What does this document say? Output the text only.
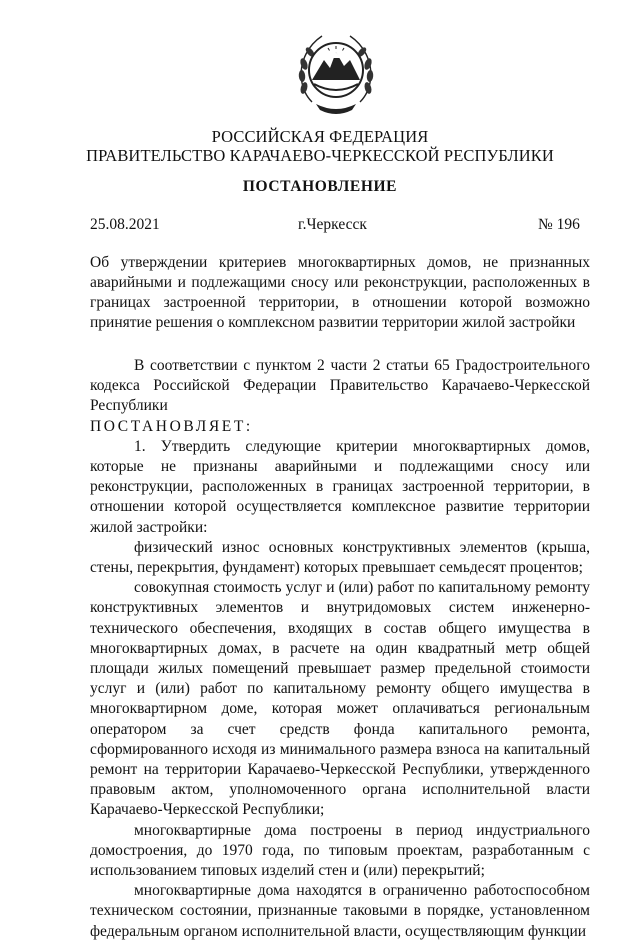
РОССИЙСКАЯ ФЕДЕРАЦИЯ
ПРАВИТЕЛЬСТВО КАРАЧАЕВО-ЧЕРКЕССКОЙ РЕСПУБЛИКИ
ПОСТАНОВЛЕНИЕ
25.08.2021	г.Черкесск	№ 196
Об утверждении критериев многоквартирных домов, не признанных аварийными и подлежащими сносу или реконструкции, расположенных в границах застроенной территории, в отношении которой возможно принятие решения о комплексном развитии территории жилой застройки

В соответствии с пунктом 2 части 2 статьи 65 Градостроительного кодекса Российской Федерации Правительство Карачаево-Черкесской Республики

ПОСТАНОВЛЯЕТ:

1. Утвердить следующие критерии многоквартирных домов, которые не признаны аварийными и подлежащими сносу или реконструкции, расположенных в границах застроенной территории, в отношении которой осуществляется комплексное развитие территории жилой застройки:

физический износ основных конструктивных элементов (крыша, стены, перекрытия, фундамент) которых превышает семьдесят процентов;

совокупная стоимость услуг и (или) работ по капитальному ремонту конструктивных элементов и внутридомовых систем инженерно-технического обеспечения, входящих в состав общего имущества в многоквартирных домах, в расчете на один квадратный метр общей площади жилых помещений превышает размер предельной стоимости услуг и (или) работ по капитальному ремонту общего имущества в многоквартирном доме, которая может оплачиваться региональным оператором за счет средств фонда капитального ремонта, сформированного исходя из минимального размера взноса на капитальный ремонт на территории Карачаево-Черкесской Республики, утвержденного правовым актом, уполномоченного органа исполнительной власти Карачаево-Черкесской Республики;

многоквартирные дома построены в период индустриального домостроения, до 1970 года, по типовым проектам, разработанным с использованием типовых изделий стен и (или) перекрытий;

многоквартирные дома находятся в ограниченно работоспособном техническом состоянии, признанные таковыми в порядке, установленном федеральным органом исполнительной власти, осуществляющим функции
